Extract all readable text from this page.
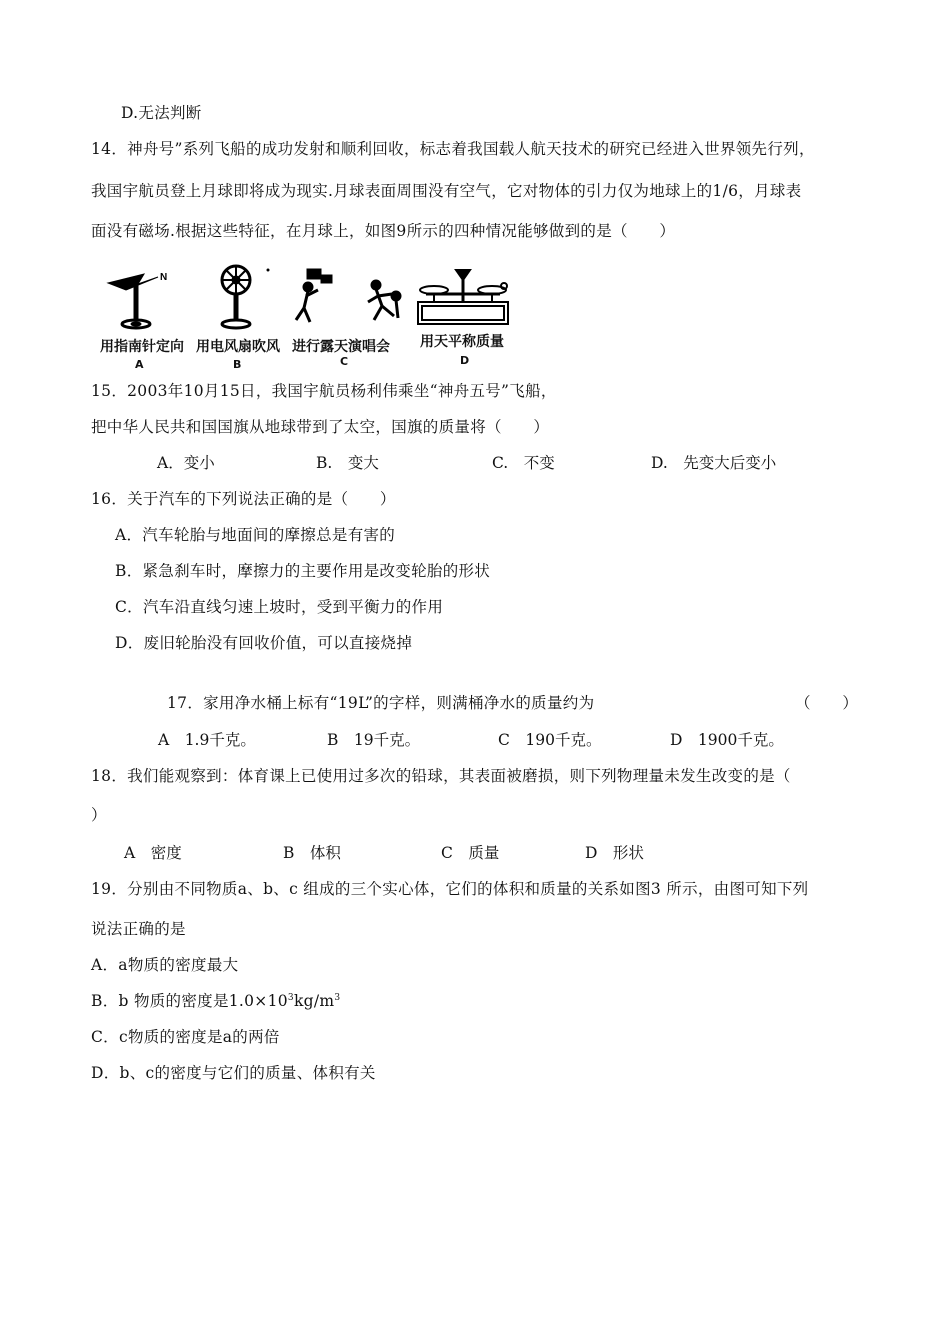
D.无法判断
14．神舟号”系列飞船的成功发射和顺利回收，标志着我国载人航天技术的研究已经进入世界领先行列，
我国宇航员登上月球即将成为现实.月球表面周围没有空气，它对物体的引力仅为地球上的1/6，月球表
面没有磁场.根据这些特征，在月球上，如图9所示的四种情况能够做到的是（　　）
N
用指南针定向 用电风扇吹风 进行露天演唱会 用天平称质量
A	B	C	D
15．2003年10月15日，我国宇航员杨利伟乘坐“神舟五号”飞船，
把中华人民共和国国旗从地球带到了太空，国旗的质量将（　　）
A．变小	B.　变大	C.　不变	D.　先变大后变小
16．关于汽车的下列说法正确的是（　　）
A．汽车轮胎与地面间的摩擦总是有害的
B．紧急刹车时，摩擦力的主要作用是改变轮胎的形状
C．汽车沿直线匀速上坡时，受到平衡力的作用
D．废旧轮胎没有回收价值，可以直接烧掉
17．家用净水桶上标有“19L”的字样，则满桶净水的质量约为	（　　）
A　1.9千克。	B　19千克。	C　190千克。	D　1900千克。
18．我们能观察到：体育课上已使用过多次的铅球，其表面被磨损，则下列物理量未发生改变的是（
）
A　密度	B　体积	C　质量	D　形状
19．分别由不同物质a、b、c 组成的三个实心体，它们的体积和质量的关系如图3 所示，由图可知下列
说法正确的是
A．a物质的密度最大
B．b 物质的密度是$1.0\times 10^3kg/m^3$
C．c物质的密度是a的两倍
D．b、c的密度与它们的质量、体积有关
